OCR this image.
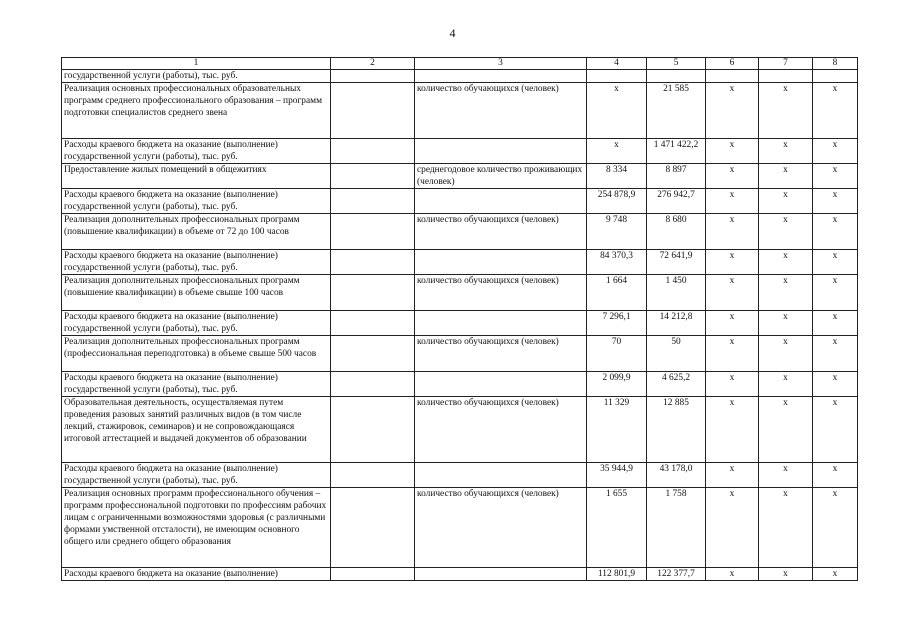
4
1	2	3	4	5	6	7	8
государственной услуги (работы), тыс. руб.							
Реализация основных профессиональных образовательных программ среднего профессионального образования – программ подготовки специалистов среднего звена		количество обучающихся (человек)	х	21 585	х	х	х
Расходы краевого бюджета на оказание (выполнение) государственной услуги (работы), тыс. руб.			х	1 471 422,2	х	х	х
Предоставление жилых помещений в общежитиях		среднегодовое количество проживающих (человек)	8 334	8 897	х	х	х
Расходы краевого бюджета на оказание (выполнение) государственной услуги (работы), тыс. руб.			254 878,9	276 942,7	х	х	х
Реализация дополнительных профессиональных программ (повышение квалификации) в объеме от 72 до 100 часов		количество обучающихся (человек)	9 748	8 680	х	х	х
Расходы краевого бюджета на оказание (выполнение) государственной услуги (работы), тыс. руб.			84 370,3	72 641,9	х	х	х
Реализация дополнительных профессиональных программ (повышение квалификации) в объеме свыше 100 часов		количество обучающихся (человек)	1 664	1 450	х	х	х
Расходы краевого бюджета на оказание (выполнение) государственной услуги (работы), тыс. руб.			7 296,1	14 212,8	х	х	х
Реализация дополнительных профессиональных программ (профессиональная переподготовка) в объеме свыше 500 часов		количество обучающихся (человек)	70	50	х	х	х
Расходы краевого бюджета на оказание (выполнение) государственной услуги (работы), тыс. руб.			2 099,9	4 625,2	х	х	х
Образовательная деятельность, осуществляемая путем проведения разовых занятий различных видов (в том числе лекций, стажировок, семинаров) и не сопровождающаяся итоговой аттестацией и выдачей документов об образовании		количество обучающихся (человек)	11 329	12 885	х	х	х
Расходы краевого бюджета на оказание (выполнение) государственной услуги (работы), тыс. руб.			35 944,9	43 178,0	х	х	х
Реализация основных программ профессионального обучения – программ профессиональной подготовки по профессиям рабочих лицам с ограниченными возможностями здоровья (с различными формами умственной отсталости), не имеющим основного общего или среднего общего образования		количество обучающихся (человек)	1 655	1 758	х	х	х
Расходы краевого бюджета на оказание (выполнение)			112 801,9	122 377,7	х	х	х
